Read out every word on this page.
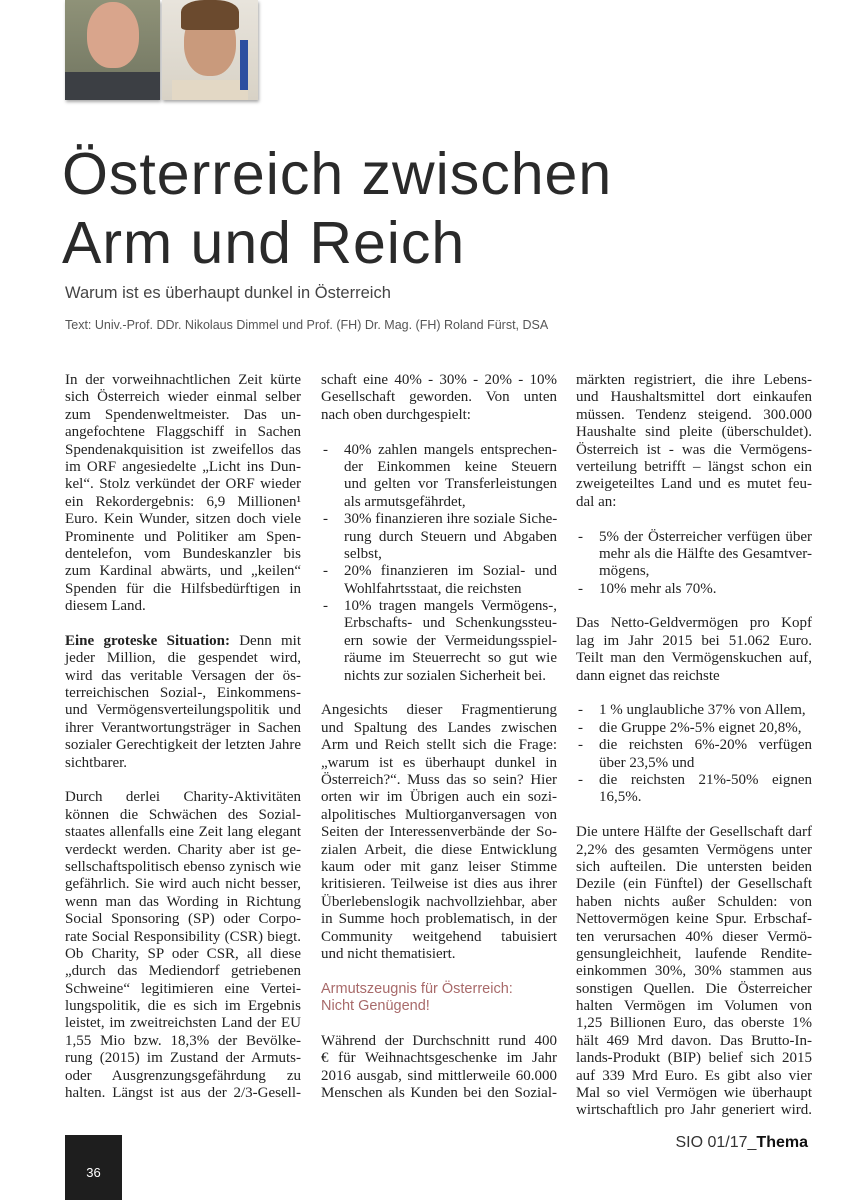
Österreich zwischen
Arm und Reich
Warum ist es überhaupt dunkel in Österreich
Text: Univ.-Prof. DDr. Nikolaus Dimmel und Prof. (FH) Dr. Mag. (FH) Roland Fürst, DSA
In der vorweihnachtlichen Zeit kürte
sich Österreich wieder einmal selber
zum Spendenweltmeister. Das un-
angefochtene Flaggschiff in Sachen
Spendenakquisition ist zweifellos das
im ORF angesiedelte „Licht ins Dun-
kel“. Stolz verkündet der ORF wieder
ein Rekordergebnis: 6,9 Millionen¹
Euro. Kein Wunder, sitzen doch viele
Prominente und Politiker am Spen-
dentelefon, vom Bundeskanzler bis
zum Kardinal abwärts, und „keilen“
Spenden für die Hilfsbedürftigen in
diesem Land.
Eine groteske Situation: Denn mit
jeder Million, die gespendet wird,
wird das veritable Versagen der ös-
terreichischen Sozial-, Einkommens-
und Vermögensverteilungspolitik und
ihrer Verantwortungsträger in Sachen
sozialer Gerechtigkeit der letzten Jahre
sichtbarer.
Durch derlei Charity-Aktivitäten
können die Schwächen des Sozial-
staates allenfalls eine Zeit lang elegant
verdeckt werden. Charity aber ist ge-
sellschaftspolitisch ebenso zynisch wie
gefährlich. Sie wird auch nicht besser,
wenn man das Wording in Richtung
Social Sponsoring (SP) oder Corpo-
rate Social Responsibility (CSR) biegt.
Ob Charity, SP oder CSR, all diese
„durch das Mediendorf getriebenen
Schweine“ legitimieren eine Vertei-
lungspolitik, die es sich im Ergebnis
leistet, im zweitreichsten Land der EU
1,55 Mio bzw. 18,3% der Bevölke-
rung (2015) im Zustand der Armuts-
oder Ausgrenzungsgefährdung zu
halten. Längst ist aus der 2/3-Gesell-
schaft eine 40% - 30% - 20% - 10%
Gesellschaft geworden. Von unten
nach oben durchgespielt:
- 40% zahlen mangels entsprechen-
der Einkommen keine Steuern
und gelten vor Transferleistungen
als armutsgefährdet,
- 30% finanzieren ihre soziale Siche-
rung durch Steuern und Abgaben
selbst,
- 20% finanzieren im Sozial- und
Wohlfahrtsstaat, die reichsten
- 10% tragen mangels Vermögens-,
Erbschafts- und Schenkungssteu-
ern sowie der Vermeidungsspiel-
räume im Steuerrecht so gut wie
nichts zur sozialen Sicherheit bei.
Angesichts dieser Fragmentierung
und Spaltung des Landes zwischen
Arm und Reich stellt sich die Frage:
„warum ist es überhaupt dunkel in
Österreich?“. Muss das so sein? Hier
orten wir im Übrigen auch ein sozi-
alpolitisches Multiorganversagen von
Seiten der Interessenverbände der So-
zialen Arbeit, die diese Entwicklung
kaum oder mit ganz leiser Stimme
kritisieren. Teilweise ist dies aus ihrer
Überlebenslogik nachvollziehbar, aber
in Summe hoch problematisch, in der
Community weitgehend tabuisiert
und nicht thematisiert.
Armutszeugnis für Österreich:
Nicht Genügend!
Während der Durchschnitt rund 400
€ für Weihnachtsgeschenke im Jahr
2016 ausgab, sind mittlerweile 60.000
Menschen als Kunden bei den Sozial-
märkten registriert, die ihre Lebens-
und Haushaltsmittel dort einkaufen
müssen. Tendenz steigend. 300.000
Haushalte sind pleite (überschuldet).
Österreich ist - was die Vermögens-
verteilung betrifft – längst schon ein
zweigeteiltes Land und es mutet feu-
dal an:
- 5% der Österreicher verfügen über
mehr als die Hälfte des Gesamtver-
mögens,
- 10% mehr als 70%.
Das Netto-Geldvermögen pro Kopf
lag im Jahr 2015 bei 51.062 Euro.
Teilt man den Vermögenskuchen auf,
dann eignet das reichste
- 1 % unglaubliche 37% von Allem,
- die Gruppe 2%-5% eignet 20,8%,
- die reichsten 6%-20% verfügen
über 23,5% und
- die reichsten 21%-50% eignen
16,5%.
Die untere Hälfte der Gesellschaft darf
2,2% des gesamten Vermögens unter
sich aufteilen. Die untersten beiden
Dezile (ein Fünftel) der Gesellschaft
haben nichts außer Schulden: von
Nettovermögen keine Spur. Erbschaf-
ten verursachen 40% dieser Vermö-
gensungleichheit, laufende Rendite-
einkommen 30%, 30% stammen aus
sonstigen Quellen. Die Österreicher
halten Vermögen im Volumen von
1,25 Billionen Euro, das oberste 1%
hält 469 Mrd davon. Das Brutto-In-
lands-Produkt (BIP) belief sich 2015
auf 339 Mrd Euro. Es gibt also vier
Mal so viel Vermögen wie überhaupt
wirtschaftlich pro Jahr generiert wird.
36
SIO 01/17_Thema
